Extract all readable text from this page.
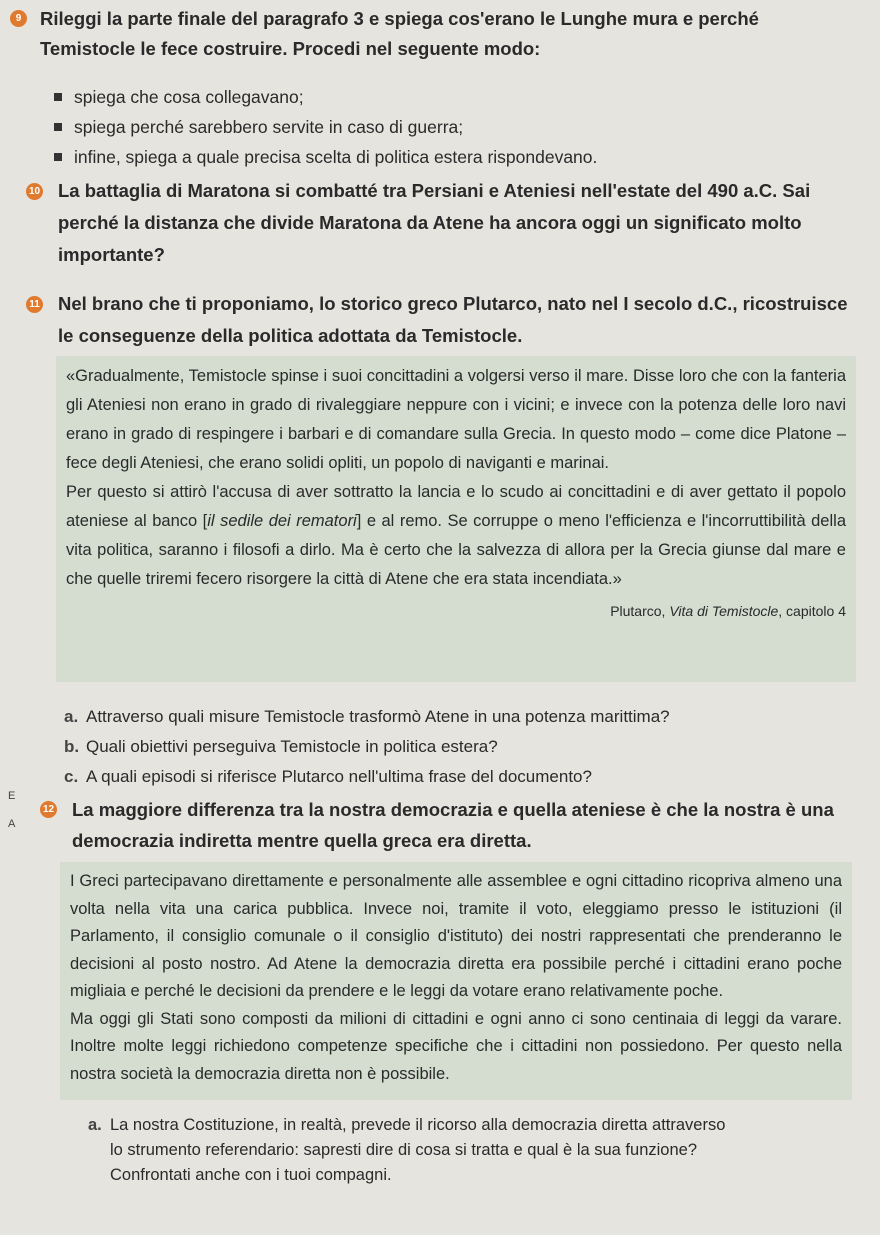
9	Rileggi la parte finale del paragrafo 3 e spiega cos'erano le Lunghe mura e perché
Temistocle le fece costruire. Procedi nel seguente modo:
spiega che cosa collegavano;
spiega perché sarebbero servite in caso di guerra;
infine, spiega a quale precisa scelta di politica estera rispondevano.
10 La battaglia di Maratona si combatté tra Persiani e Ateniesi nell'estate del 490 a.C. Sai
perché la distanza che divide Maratona da Atene ha ancora oggi un significato molto
importante?
11 Nel brano che ti proponiamo, lo storico greco Plutarco, nato nel I secolo d.C., ricostruisce
le conseguenze della politica adottata da Temistocle.

«Gradualmente, Temistocle spinse i suoi concittadini a volgersi verso il mare. Disse loro che con la fanteria gli Ateniesi non erano in grado di rivaleggiare neppure con i vicini; e invece con la potenza delle loro navi erano in grado di respingere i barbari e di comandare sulla Grecia. In questo modo – come dice Platone – fece degli Ateniesi, che erano solidi opliti, un popolo di naviganti e marinai.

Per questo si attirò l'accusa di aver sottratto la lancia e lo scudo ai concittadini e di aver gettato il popolo ateniese al banco [il sedile dei rematori] e al remo. Se corruppe o meno l'efficienza e l'incorruttibilità della vita politica, saranno i filosofi a dirlo. Ma è certo che la salvezza di allora per la Grecia giunse dal mare e che quelle triremi fecero risorgere la città di Atene che era stata incendiata.»

Plutarco, Vita di Temistocle, capitolo 4
a. Attraverso quali misure Temistocle trasformò Atene in una potenza marittima?
b. Quali obiettivi perseguiva Temistocle in politica estera?
c. A quali episodi si riferisce Plutarco nell'ultima frase del documento?
E
A
12 La maggiore differenza tra la nostra democrazia e quella ateniese è che la nostra è una
democrazia indiretta mentre quella greca era diretta.

I Greci partecipavano direttamente e personalmente alle assemblee e ogni cittadino ricopriva almeno una volta nella vita una carica pubblica. Invece noi, tramite il voto, eleggiamo presso le istituzioni (il Parlamento, il consiglio comunale o il consiglio d'istituto) dei nostri rappresentati che prenderanno le decisioni al posto nostro. Ad Atene la democrazia diretta era possibile perché i cittadini erano poche migliaia e perché le decisioni da prendere e le leggi da votare erano relativamente poche.

Ma oggi gli Stati sono composti da milioni di cittadini e ogni anno ci sono centinaia di leggi da varare. Inoltre molte leggi richiedono competenze specifiche che i cittadini non possiedono. Per questo nella nostra società la democrazia diretta non è possibile.

a. La nostra Costituzione, in realtà, prevede il ricorso alla democrazia diretta attraverso
lo strumento referendario: sapresti dire di cosa si tratta e qual è la sua funzione?
Confrontati anche con i tuoi compagni.
